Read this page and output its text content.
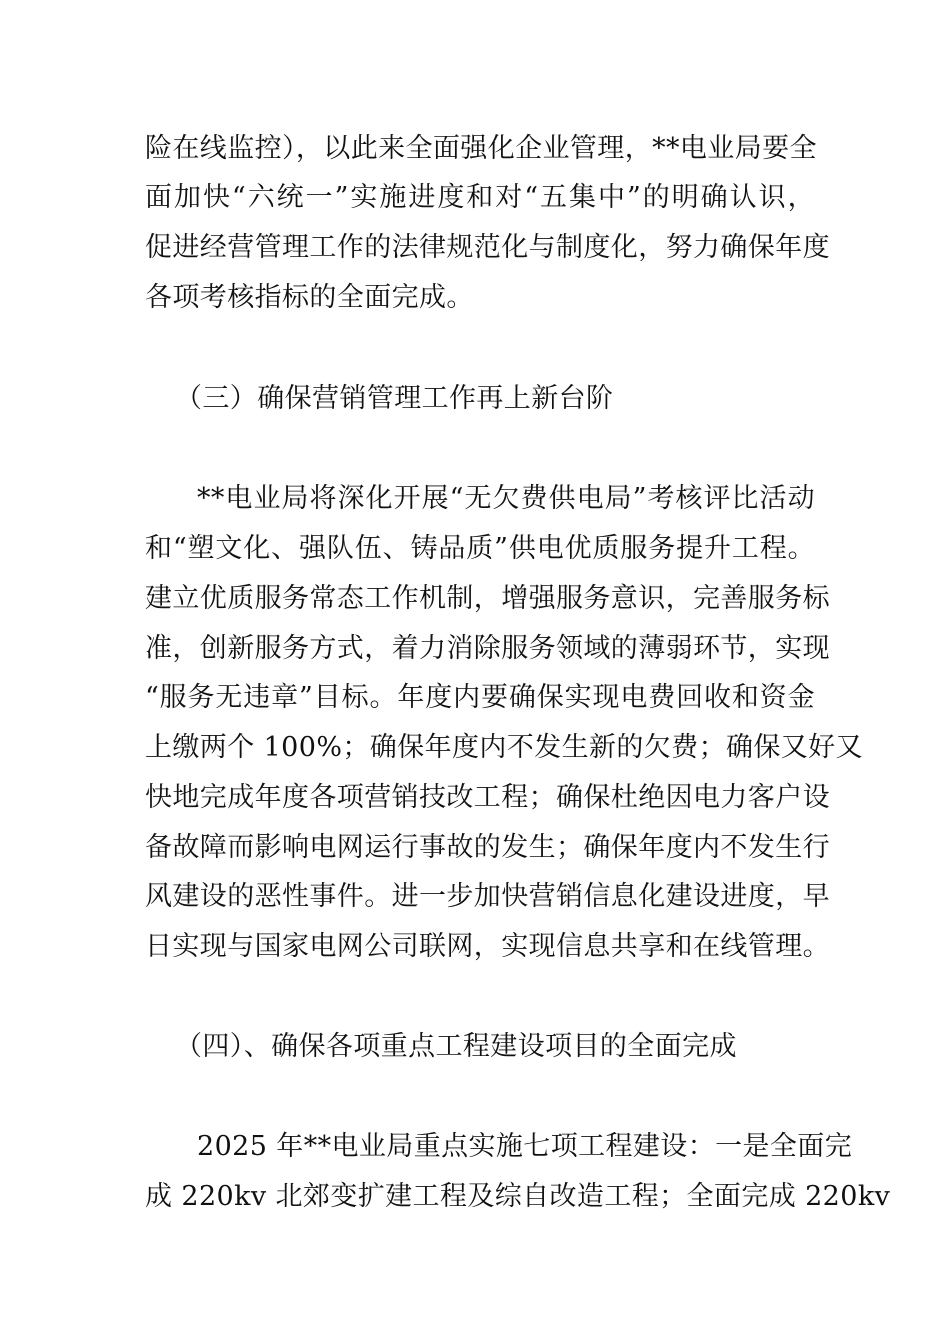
险在线监控），以此来全面强化企业管理，**电业局要全
面加快“六统一”实施进度和对“五集中”的明确认识，
促进经营管理工作的法律规范化与制度化，努力确保年度
各项考核指标的全面完成。
（三）确保营销管理工作再上新台阶
**电业局将深化开展“无欠费供电局”考核评比活动
和“塑文化、强队伍、铸品质”供电优质服务提升工程。
建立优质服务常态工作机制，增强服务意识，完善服务标
准，创新服务方式，着力消除服务领域的薄弱环节，实现
“服务无违章”目标。年度内要确保实现电费回收和资金
上缴两个 100%；确保年度内不发生新的欠费；确保又好又
快地完成年度各项营销技改工程；确保杜绝因电力客户设
备故障而影响电网运行事故的发生；确保年度内不发生行
风建设的恶性事件。进一步加快营销信息化建设进度，早
日实现与国家电网公司联网，实现信息共享和在线管理。
（四）、确保各项重点工程建设项目的全面完成
2025 年**电业局重点实施七项工程建设：一是全面完
成 220kv 北郊变扩建工程及综自改造工程；全面完成 220kv
